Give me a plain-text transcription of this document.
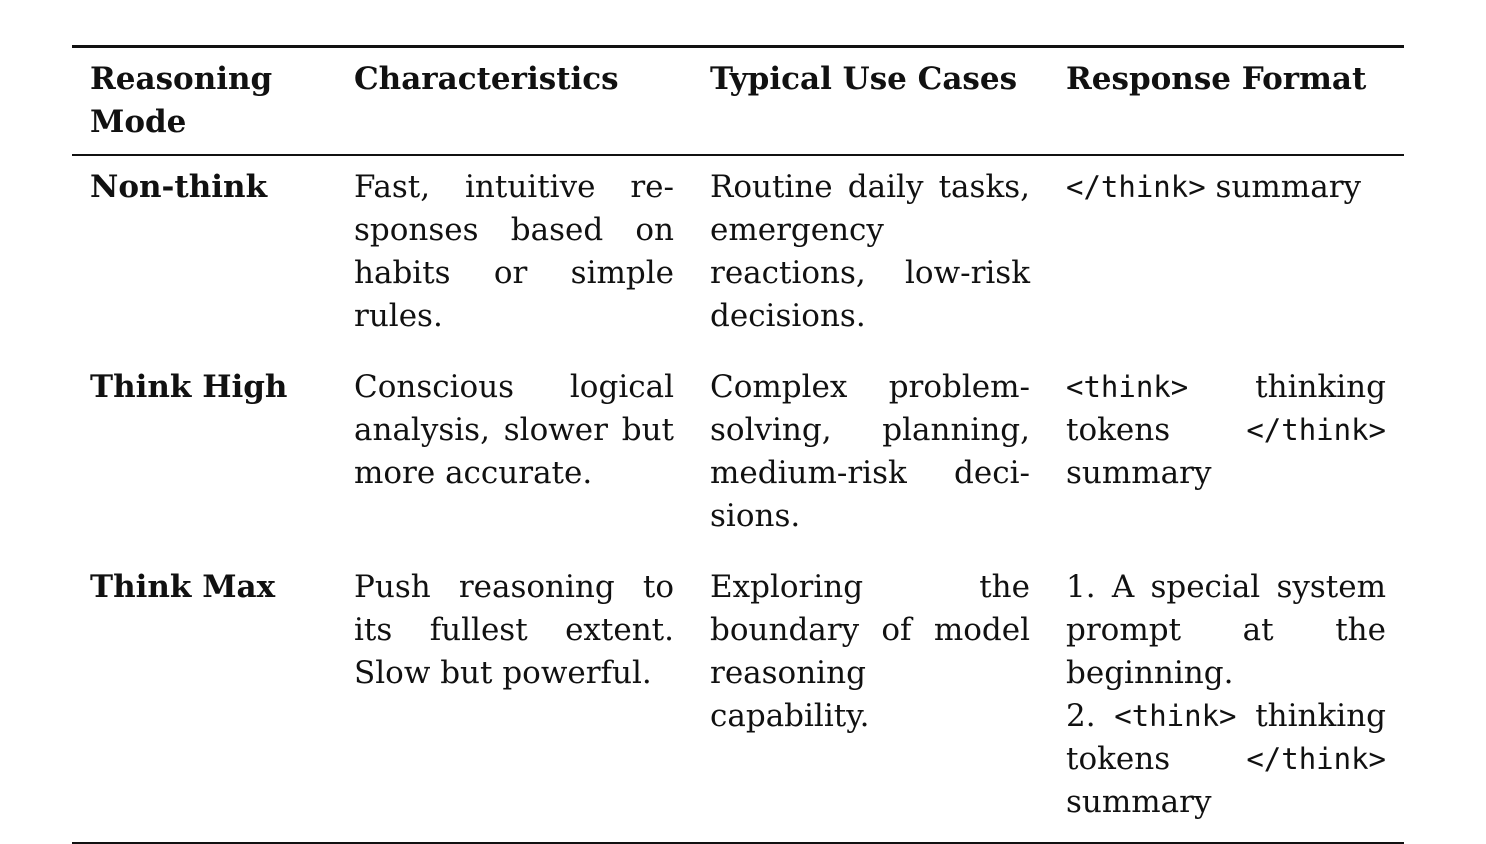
Reasoning Mode	Characteristics	Typical Use Cases	Response Format
Non-think	Fast, intuitive responses based on habits or simple rules.	Routine daily tasks, emergency reactions, low-risk decisions.	</think> summary
Think High	Conscious logical analysis, slower but more accurate.	Complex problem-solving, planning, medium-risk decisions.	<think> thinking tokens </think> summary
Think Max	Push reasoning to its fullest extent. Slow but powerful.	Exploring the boundary of model reasoning capability.	1. A special system prompt at the beginning.
2. <think> thinking tokens </think> summary
